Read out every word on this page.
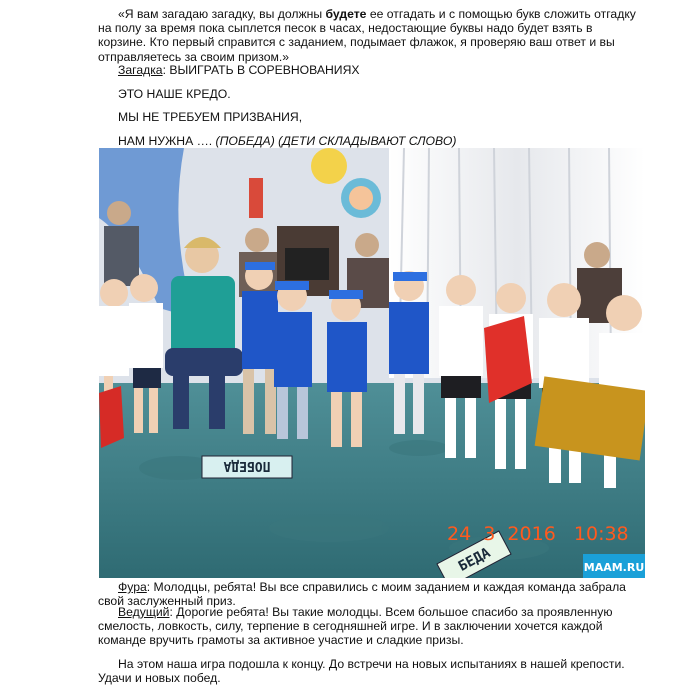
«Я вам загадаю загадку, вы должны будете ее отгадать и с помощью букв сложить отгадку на полу за время пока сыплется песок в часах, недостающие буквы надо будет взять в корзине. Кто первый справится с заданием, подымает флажок, я проверяю ваш ответ и вы отправляетесь за своим призом.»
Загадка: ВЫИГРАТЬ В СОРЕВНОВАНИЯХ
ЭТО НАШЕ КРЕДО.
МЫ НЕ ТРЕБУЕМ ПРИЗВАНИЯ,
НАМ НУЖНА …. (ПОБЕДА) (ДЕТИ СКЛАДЫВАЮТ СЛОВО)
ПОБЕДА
БЕДА
24  3  2016   10:38
MAAM.RU
Фура: Молодцы, ребята! Вы все справились с моим заданием и каждая команда забрала свой заслуженный приз.
Ведущий: Дорогие ребята! Вы такие молодцы. Всем большое спасибо за проявленную смелость, ловкость, силу, терпение в сегодняшней игре. И в заключении хочется каждой команде вручить грамоты за активное участие и сладкие призы.
На этом наша игра подошла к концу. До встречи на новых испытаниях в нашей крепости. Удачи и новых побед.
